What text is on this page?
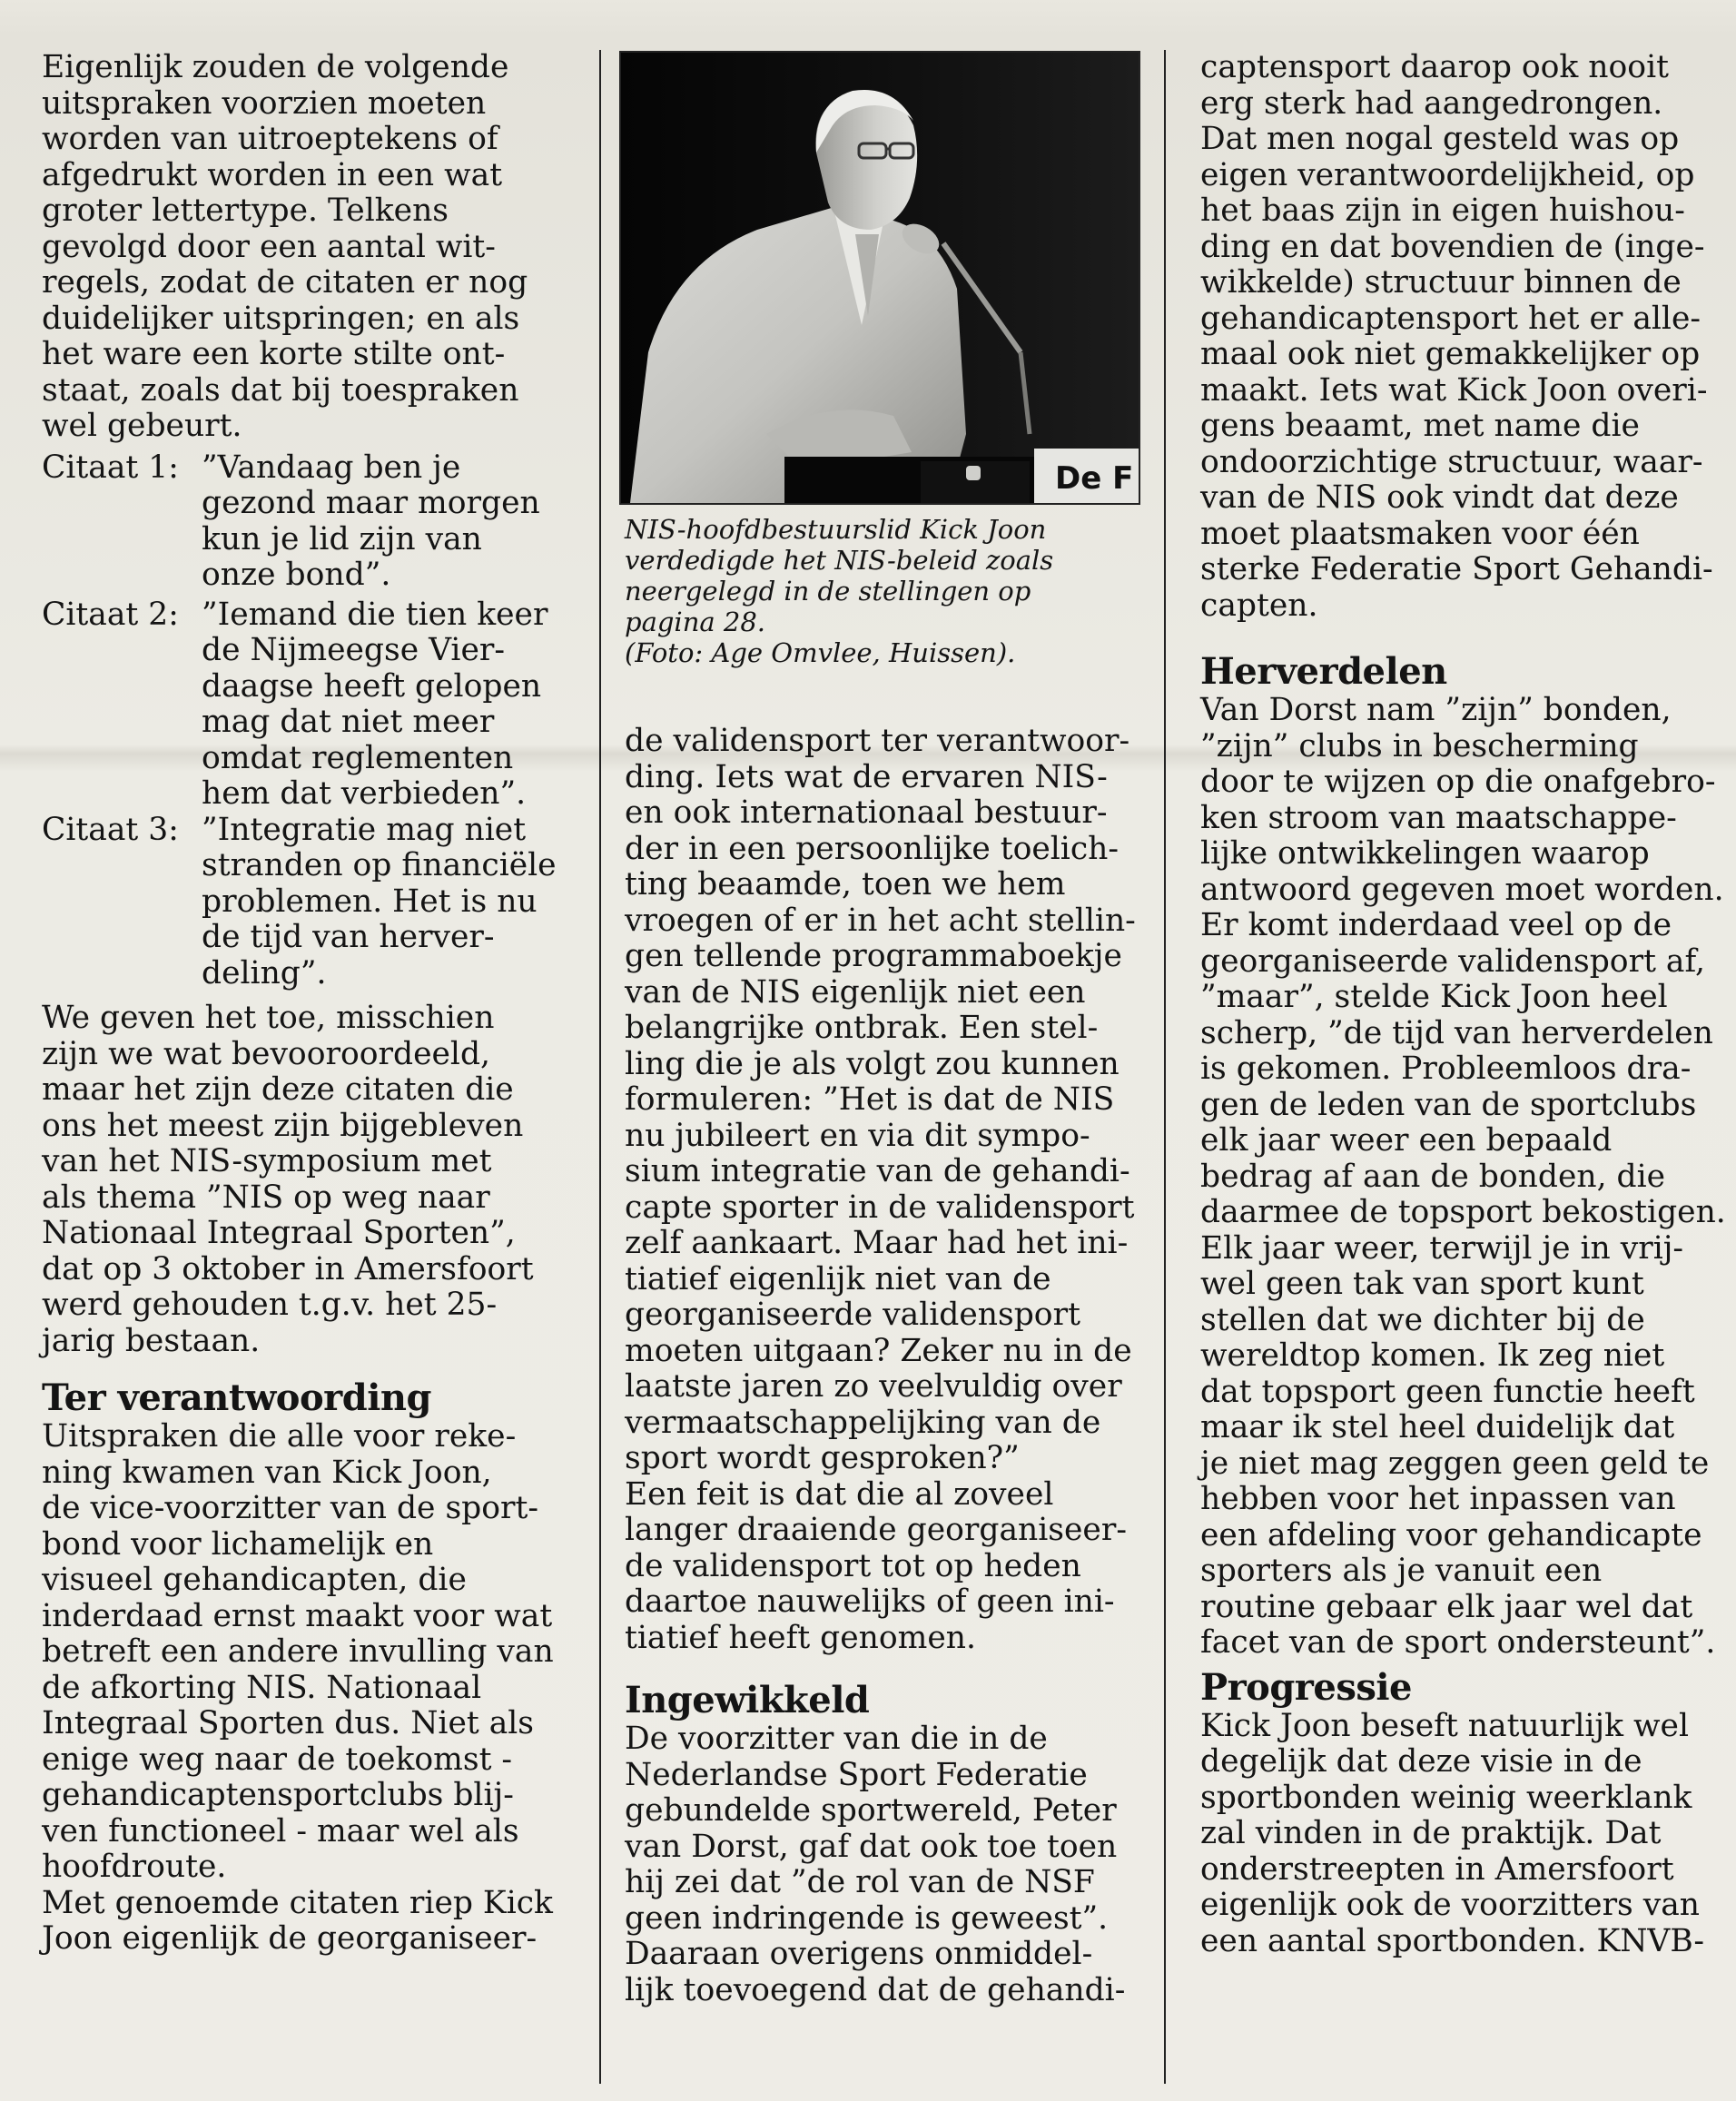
Eigenlijk zouden de volgende
uitspraken voorzien moeten
worden van uitroeptekens of
afgedrukt worden in een wat
groter lettertype. Telkens
gevolgd door een aantal wit-
regels, zodat de citaten er nog
duidelijker uitspringen; en als
het ware een korte stilte ont-
staat, zoals dat bij toespraken
wel gebeurt.

Citaat 1: ”Vandaag ben je
gezond maar morgen
kun je lid zijn van
onze bond”.
Citaat 2: ”Iemand die tien keer
de Nijmeegse Vier-
daagse heeft gelopen
mag dat niet meer
omdat reglementen
hem dat verbieden”.
Citaat 3: ”Integratie mag niet
stranden op financiële
problemen. Het is nu
de tijd van herver-
deling”.

We geven het toe, misschien
zijn we wat bevooroordeeld,
maar het zijn deze citaten die
ons het meest zijn bijgebleven
van het NIS-symposium met
als thema ”NIS op weg naar
Nationaal Integraal Sporten”,
dat op 3 oktober in Amersfoort
werd gehouden t.g.v. het 25-
jarig bestaan.

Ter verantwoording

Uitspraken die alle voor reke-
ning kwamen van Kick Joon,
de vice-voorzitter van de sport-
bond voor lichamelijk en
visueel gehandicapten, die
inderdaad ernst maakt voor wat
betreft een andere invulling van
de afkorting NIS. Nationaal
Integraal Sporten dus. Niet als
enige weg naar de toekomst -
gehandicaptensportclubs blij-
ven functioneel - maar wel als
hoofdroute.
Met genoemde citaten riep Kick
Joon eigenlijk de georganiseer-

De F
NIS-hoofdbestuurslid Kick Joon
verdedigde het NIS-beleid zoals
neergelegd in de stellingen op
pagina 28.
(Foto: Age Omvlee, Huissen).

de validensport ter verantwoor-
ding. Iets wat de ervaren NIS-
en ook internationaal bestuur-
der in een persoonlijke toelich-
ting beaamde, toen we hem
vroegen of er in het acht stellin-
gen tellende programmaboekje
van de NIS eigenlijk niet een
belangrijke ontbrak. Een stel-
ling die je als volgt zou kunnen
formuleren: ”Het is dat de NIS
nu jubileert en via dit sympo-
sium integratie van de gehandi-
capte sporter in de validensport
zelf aankaart. Maar had het ini-
tiatief eigenlijk niet van de
georganiseerde validensport
moeten uitgaan? Zeker nu in de
laatste jaren zo veelvuldig over
vermaatschappelijking van de
sport wordt gesproken?”
Een feit is dat die al zoveel
langer draaiende georganiseer-
de validensport tot op heden
daartoe nauwelijks of geen ini-
tiatief heeft genomen.

Ingewikkeld

De voorzitter van die in de
Nederlandse Sport Federatie
gebundelde sportwereld, Peter
van Dorst, gaf dat ook toe toen
hij zei dat ”de rol van de NSF
geen indringende is geweest”.
Daaraan overigens onmiddel-
lijk toevoegend dat de gehandi-

captensport daarop ook nooit
erg sterk had aangedrongen.
Dat men nogal gesteld was op
eigen verantwoordelijkheid, op
het baas zijn in eigen huishou-
ding en dat bovendien de (inge-
wikkelde) structuur binnen de
gehandicaptensport het er alle-
maal ook niet gemakkelijker op
maakt. Iets wat Kick Joon overi-
gens beaamt, met name die
ondoorzichtige structuur, waar-
van de NIS ook vindt dat deze
moet plaatsmaken voor één
sterke Federatie Sport Gehandi-
capten.

Herverdelen

Van Dorst nam ”zijn” bonden,
”zijn” clubs in bescherming
door te wijzen op die onafgebro-
ken stroom van maatschappe-
lijke ontwikkelingen waarop
antwoord gegeven moet worden.
Er komt inderdaad veel op de
georganiseerde validensport af,
”maar”, stelde Kick Joon heel
scherp, ”de tijd van herverdelen
is gekomen. Probleemloos dra-
gen de leden van de sportclubs
elk jaar weer een bepaald
bedrag af aan de bonden, die
daarmee de topsport bekostigen.
Elk jaar weer, terwijl je in vrij-
wel geen tak van sport kunt
stellen dat we dichter bij de
wereldtop komen. Ik zeg niet
dat topsport geen functie heeft
maar ik stel heel duidelijk dat
je niet mag zeggen geen geld te
hebben voor het inpassen van
een afdeling voor gehandicapte
sporters als je vanuit een
routine gebaar elk jaar wel dat
facet van de sport ondersteunt”.

Progressie

Kick Joon beseft natuurlijk wel
degelijk dat deze visie in de
sportbonden weinig weerklank
zal vinden in de praktijk. Dat
onderstreepten in Amersfoort
eigenlijk ook de voorzitters van
een aantal sportbonden. KNVB-
